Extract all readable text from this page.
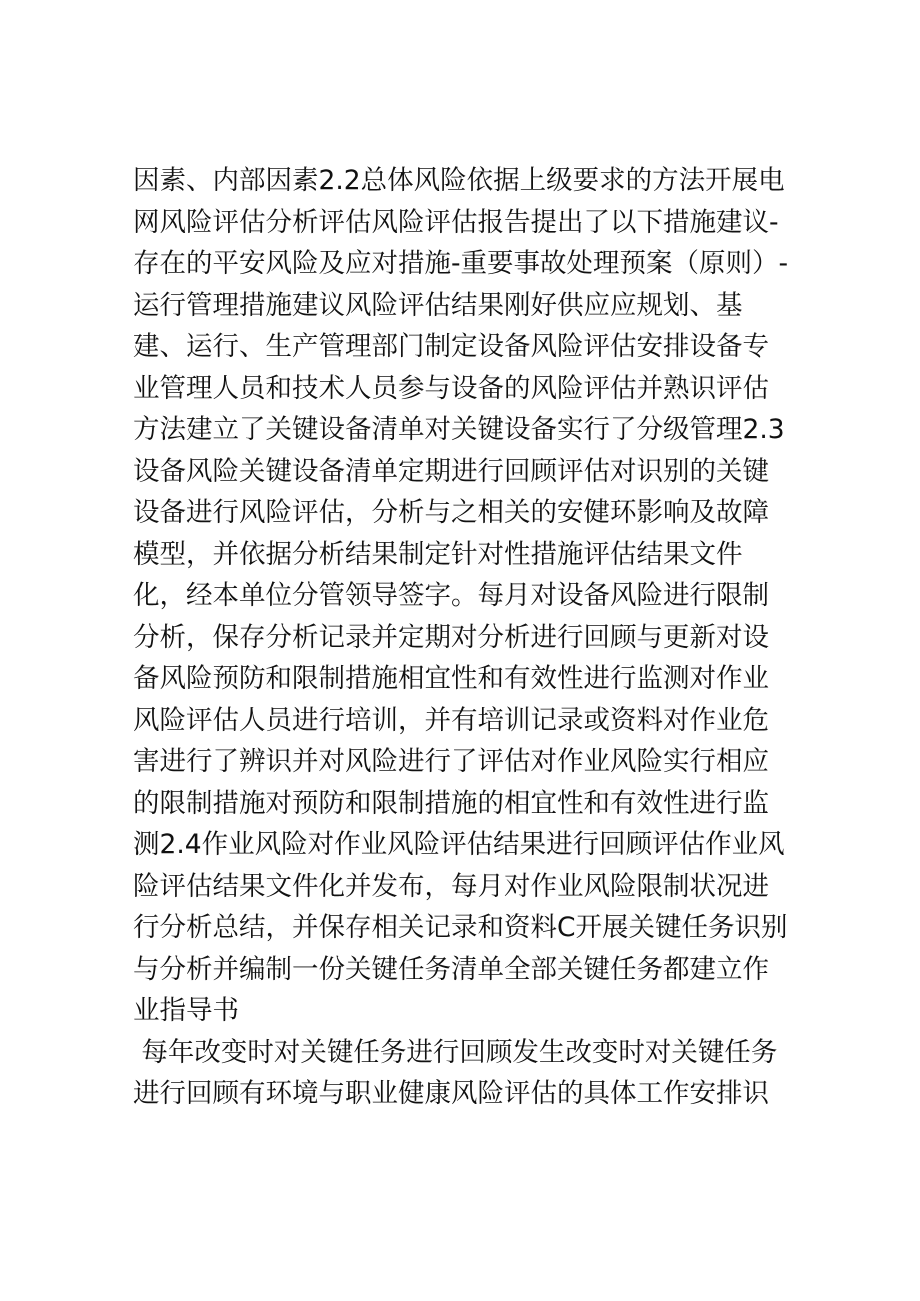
因素、内部因素2.2总体风险依据上级要求的方法开展电
网风险评估分析评估风险评估报告提出了以下措施建议-
存在的平安风险及应对措施-重要事故处理预案（原则）-
运行管理措施建议风险评估结果刚好供应应规划、基
建、运行、生产管理部门制定设备风险评估安排设备专
业管理人员和技术人员参与设备的风险评估并熟识评估
方法建立了关键设备清单对关键设备实行了分级管理2.3
设备风险关键设备清单定期进行回顾评估对识别的关键
设备进行风险评估，分析与之相关的安健环影响及故障
模型，并依据分析结果制定针对性措施评估结果文件
化，经本单位分管领导签字。每月对设备风险进行限制
分析，保存分析记录并定期对分析进行回顾与更新对设
备风险预防和限制措施相宜性和有效性进行监测对作业
风险评估人员进行培训，并有培训记录或资料对作业危
害进行了辨识并对风险进行了评估对作业风险实行相应
的限制措施对预防和限制措施的相宜性和有效性进行监
测2.4作业风险对作业风险评估结果进行回顾评估作业风
险评估结果文件化并发布，每月对作业风险限制状况进
行分析总结，并保存相关记录和资料C开展关键任务识别
与分析并编制一份关键任务清单全部关键任务都建立作
业指导书
每年改变时对关键任务进行回顾发生改变时对关键任务
进行回顾有环境与职业健康风险评估的具体工作安排识
